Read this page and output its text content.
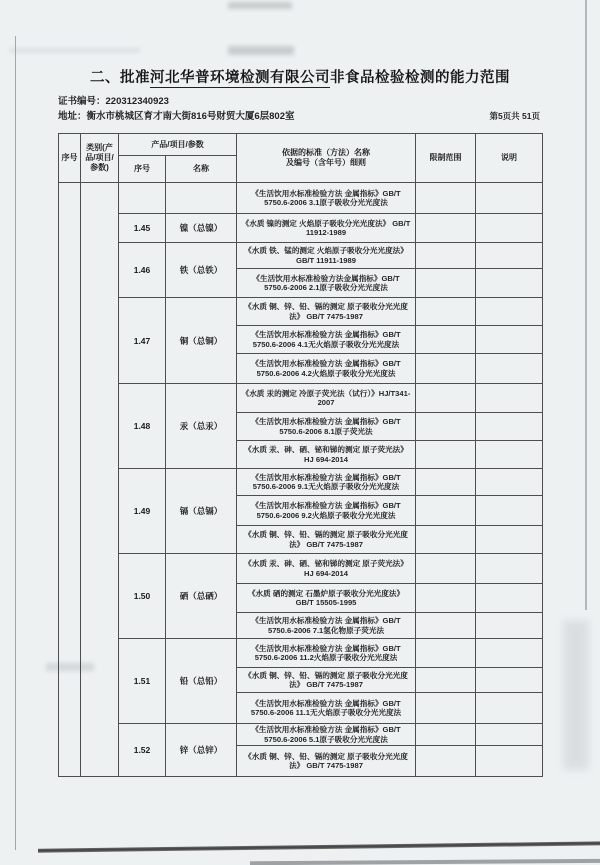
二、批准河北华普环境检测有限公司非食品检验检测的能力范围
证书编号：220312340923
地址：衡水市桃城区育才南大街816号财贸大厦6层802室	第5页共 51页
序号	类别(产品/项目/参数)	产品/项目/参数		依据的标准（方法）名称
及编号（含年号）细则	限制范围	说明
		序号	名称			
				《生活饮用水标准检验方法 金属指标》GB/T 5750.6-2006 3.1原子吸收分光光度法		
		1.45	镍（总镍）	《水质 镍的测定 火焰原子吸收分光光度法》 GB/T 11912-1989		
		1.46	铁（总铁）	《水质 铁、锰的测定 火焰原子吸收分光光度法》 GB/T 11911-1989		
				《生活饮用水标准检验方法金属指标》GB/T 5750.6-2006 2.1原子吸收分光光度法		
		1.47	铜（总铜）	《水质 铜、锌、铅、镉的测定 原子吸收分光光度法》 GB/T 7475-1987		
				《生活饮用水标准检验方法 金属指标》GB/T 5750.6-2006 4.1无火焰原子吸收分光光度法		
				《生活饮用水标准检验方法 金属指标》GB/T 5750.6-2006 4.2火焰原子吸收分光光度法		
		1.48	汞（总汞）	《水质 汞的测定 冷原子荧光法（试行）》HJ/T341-2007		
				《生活饮用水标准检验方法 金属指标》GB/T 5750.6-2006 8.1原子荧光法		
				《水质 汞、砷、硒、铋和锑的测定 原子荧光法》 HJ 694-2014		
		1.49	镉（总镉）	《生活饮用水标准检验方法 金属指标》GB/T 5750.6-2006 9.1无火焰原子吸收分光光度法		
				《生活饮用水标准检验方法 金属指标》GB/T 5750.6-2006 9.2火焰原子吸收分光光度法		
				《水质 铜、锌、铅、镉的测定 原子吸收分光光度法》 GB/T 7475-1987		
		1.50	硒（总硒）	《水质 汞、砷、硒、铋和锑的测定 原子荧光法》 HJ 694-2014		
				《水质 硒的测定 石墨炉原子吸收分光光度法》 GB/T 15505-1995		
				《生活饮用水标准检验方法 金属指标》GB/T 5750.6-2006 7.1氢化物原子荧光法		
		1.51	铅（总铅）	《生活饮用水标准检验方法 金属指标》GB/T 5750.6-2006 11.2火焰原子吸收分光光度法		
				《水质 铜、锌、铅、镉的测定 原子吸收分光光度法》 GB/T 7475-1987		
				《生活饮用水标准检验方法 金属指标》GB/T 5750.6-2006 11.1无火焰原子吸收分光光度法		
		1.52	锌（总锌）	《生活饮用水标准检验方法 金属指标》GB/T 5750.6-2006 5.1原子吸收分光光度法		
				《水质 铜、锌、铅、镉的测定 原子吸收分光光度法》 GB/T 7475-1987		
